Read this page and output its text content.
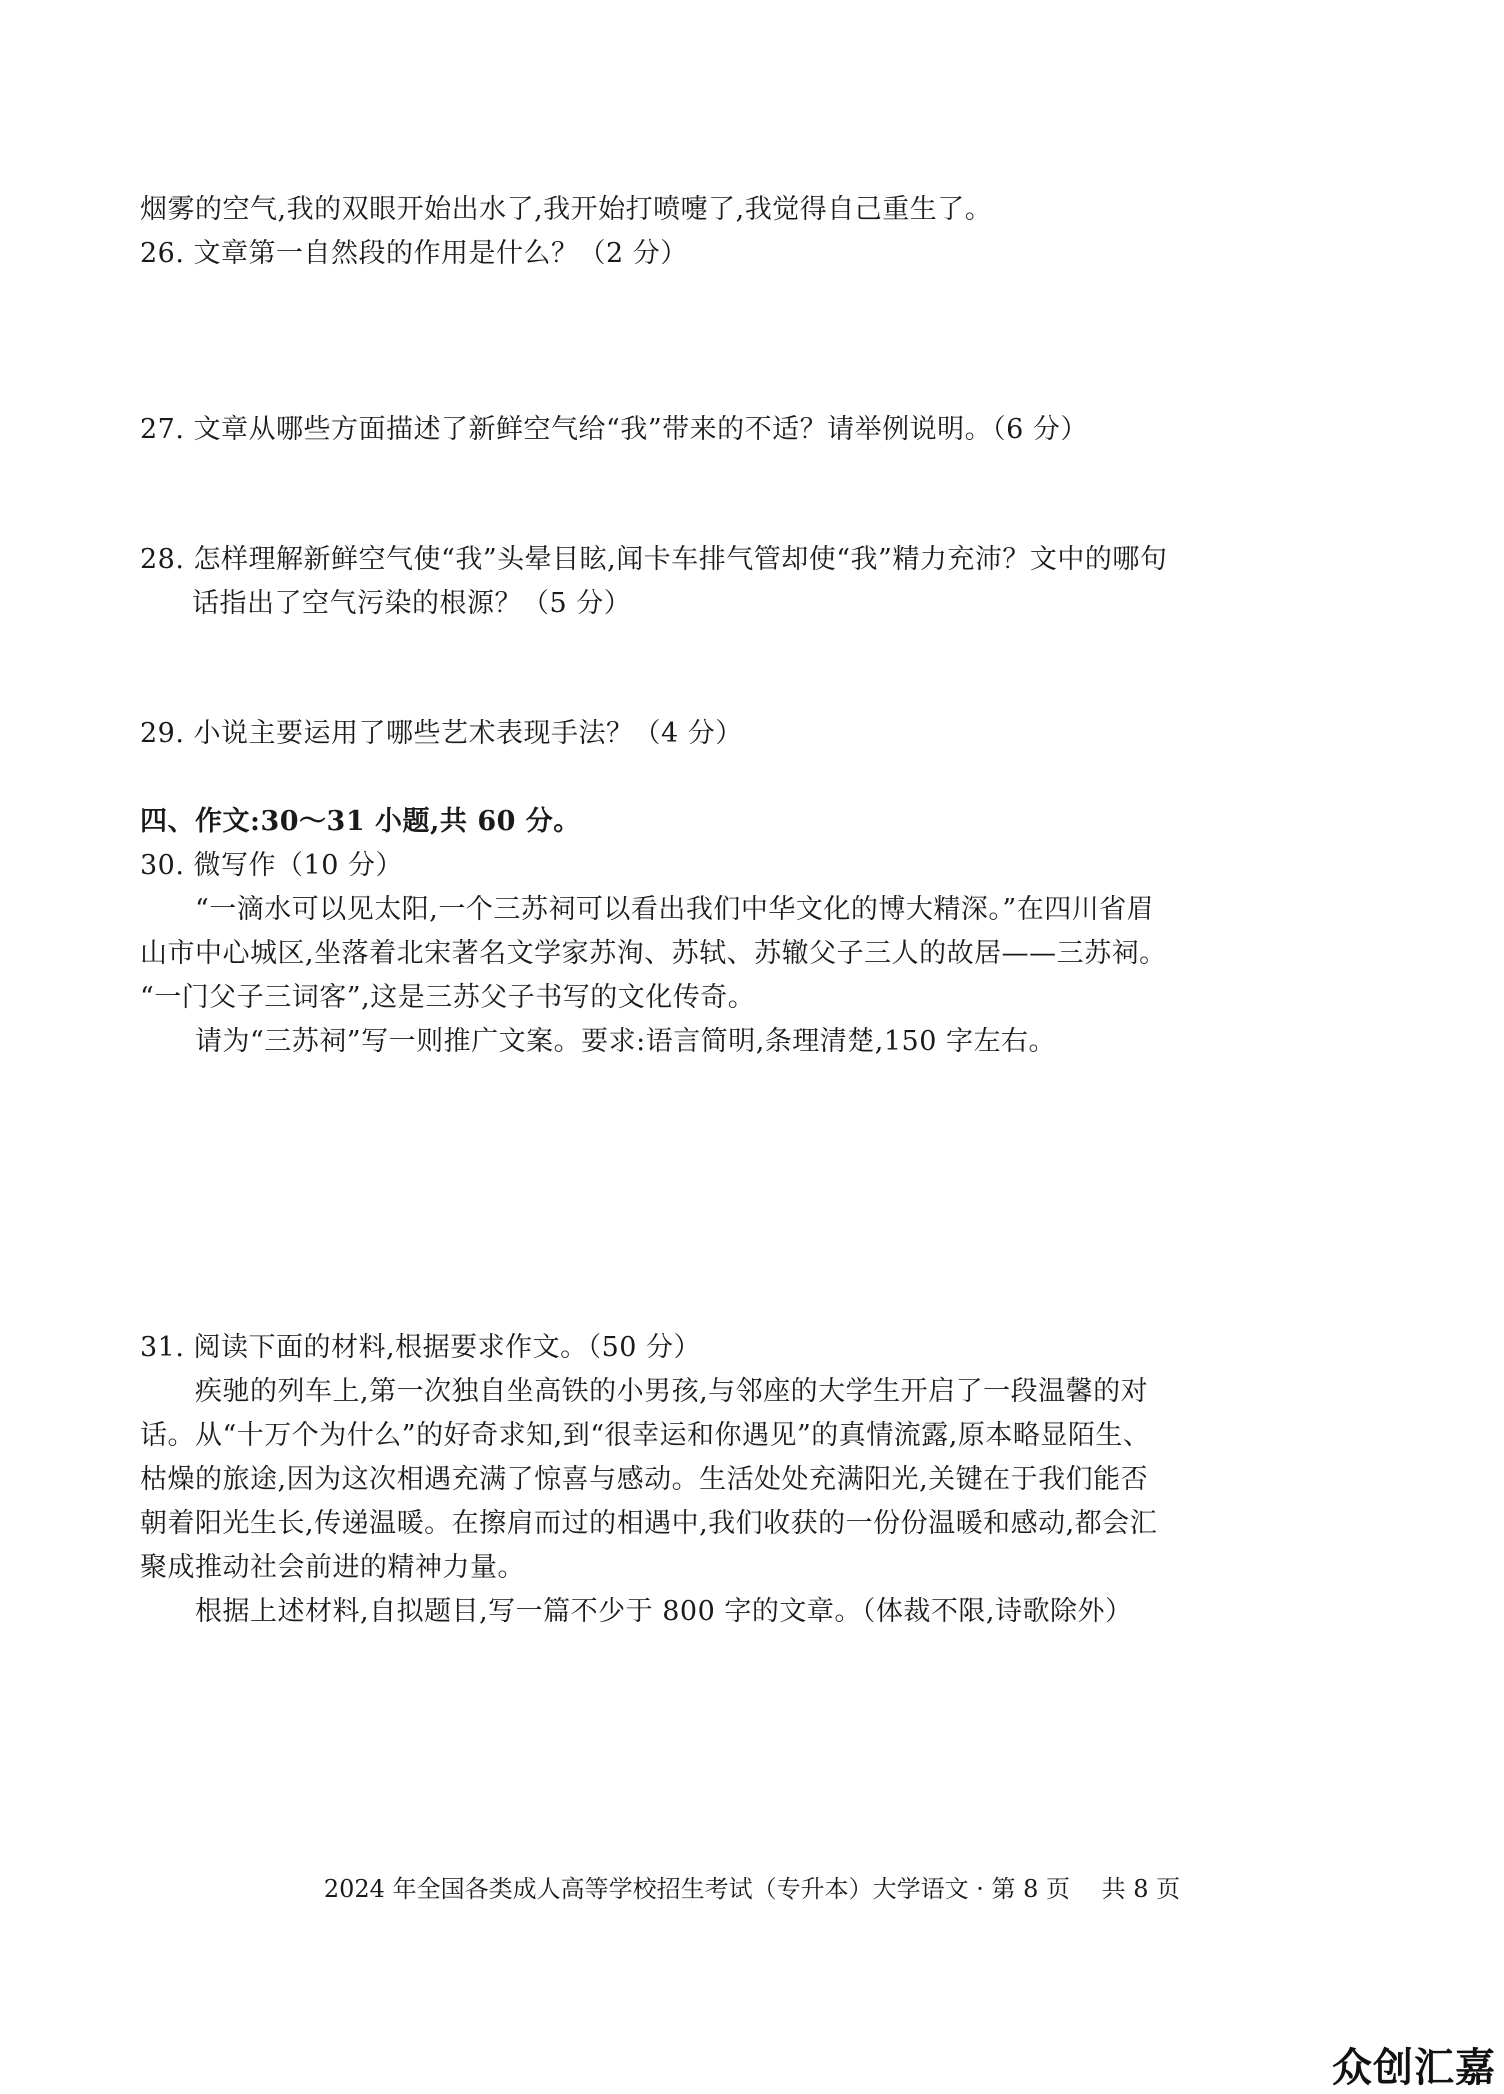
烟雾的空气,我的双眼开始出水了,我开始打喷嚏了,我觉得自己重生了。
26. 文章第一自然段的作用是什么？（2 分）
27. 文章从哪些方面描述了新鲜空气给“我”带来的不适？请举例说明。（6 分）
28. 怎样理解新鲜空气使“我”头晕目眩,闻卡车排气管却使“我”精力充沛？文中的哪句
话指出了空气污染的根源？（5 分）
29. 小说主要运用了哪些艺术表现手法？（4 分）
四、作文:30～31 小题,共 60 分。
30. 微写作（10 分）
“一滴水可以见太阳,一个三苏祠可以看出我们中华文化的博大精深。”在四川省眉
山市中心城区,坐落着北宋著名文学家苏洵、苏轼、苏辙父子三人的故居——三苏祠。
“一门父子三词客”,这是三苏父子书写的文化传奇。
请为“三苏祠”写一则推广文案。要求:语言简明,条理清楚,150 字左右。
31. 阅读下面的材料,根据要求作文。（50 分）
疾驰的列车上,第一次独自坐高铁的小男孩,与邻座的大学生开启了一段温馨的对
话。从“十万个为什么”的好奇求知,到“很幸运和你遇见”的真情流露,原本略显陌生、
枯燥的旅途,因为这次相遇充满了惊喜与感动。生活处处充满阳光,关键在于我们能否
朝着阳光生长,传递温暖。在擦肩而过的相遇中,我们收获的一份份温暖和感动,都会汇
聚成推动社会前进的精神力量。
根据上述材料,自拟题目,写一篇不少于 800 字的文章。（体裁不限,诗歌除外）
2024 年全国各类成人高等学校招生考试（专升本）大学语文 · 第 8 页　 共 8 页
众创汇嘉
